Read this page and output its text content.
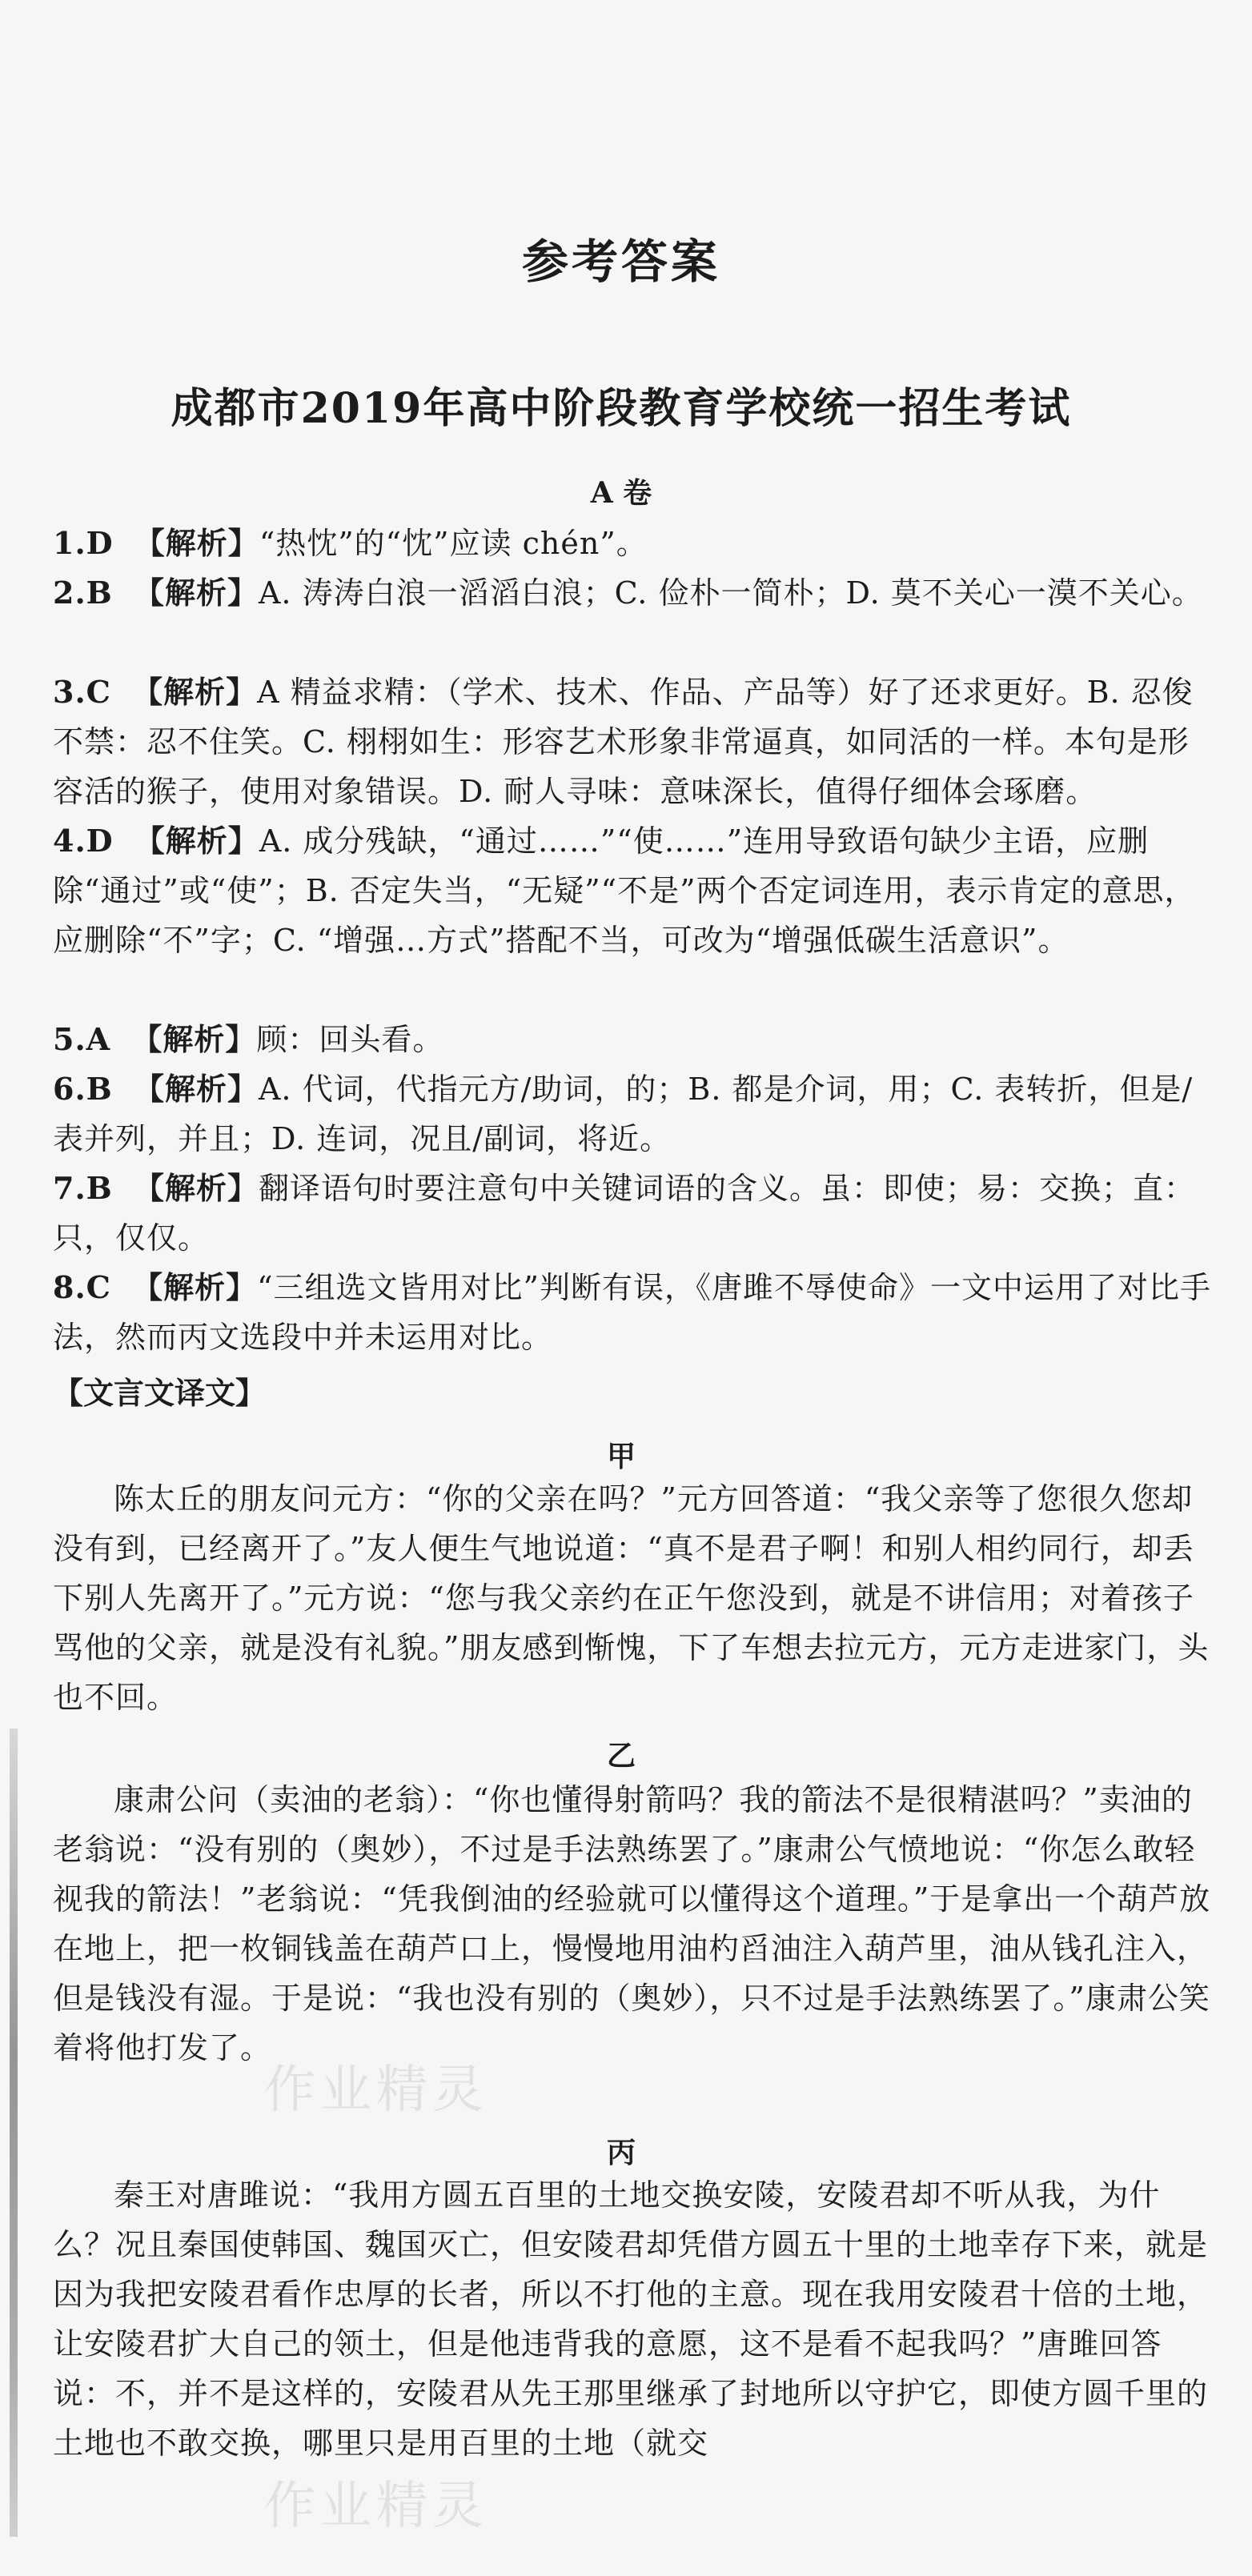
参考答案
成都市2019年高中阶段教育学校统一招生考试
A 卷
1.D 【解析】“热忱”的“忱”应读 chén”。
2.B 【解析】A. 涛涛白浪一滔滔白浪；C. 俭朴一简朴；D. 莫不关心一漠不关心。
3.C 【解析】A 精益求精：（学术、技术、作品、产品等）好了还求更好。B. 忍俊不禁：忍不住笑。C. 栩栩如生：形容艺术形象非常逼真，如同活的一样。本句是形容活的猴子，使用对象错误。D. 耐人寻味：意味深长，值得仔细体会琢磨。
4.D 【解析】A. 成分残缺，“通过……”“使……”连用导致语句缺少主语，应删除“通过”或“使”；B. 否定失当，“无疑”“不是”两个否定词连用，表示肯定的意思，应删除“不”字；C. “增强…方式”搭配不当，可改为“增强低碳生活意识”。
5.A 【解析】顾：回头看。
6.B 【解析】A. 代词，代指元方/助词，的；B. 都是介词，用；C. 表转折，但是/表并列，并且；D. 连词，况且/副词，将近。
7.B 【解析】翻译语句时要注意句中关键词语的含义。虽：即使；易：交换；直：只，仅仅。
8.C 【解析】“三组选文皆用对比”判断有误，《唐雎不辱使命》一文中运用了对比手法，然而丙文选段中并未运用对比。
【文言文译文】
甲
陈太丘的朋友问元方：“你的父亲在吗？”元方回答道：“我父亲等了您很久您却没有到，已经离开了。”友人便生气地说道：“真不是君子啊！和别人相约同行，却丢下别人先离开了。”元方说：“您与我父亲约在正午您没到，就是不讲信用；对着孩子骂他的父亲，就是没有礼貌。”朋友感到惭愧，下了车想去拉元方，元方走进家门，头也不回。
乙
康肃公问（卖油的老翁）：“你也懂得射箭吗？我的箭法不是很精湛吗？”卖油的老翁说：“没有别的（奥妙），不过是手法熟练罢了。”康肃公气愤地说：“你怎么敢轻视我的箭法！”老翁说：“凭我倒油的经验就可以懂得这个道理。”于是拿出一个葫芦放在地上，把一枚铜钱盖在葫芦口上，慢慢地用油杓舀油注入葫芦里，油从钱孔注入，但是钱没有湿。于是说：“我也没有别的（奥妙），只不过是手法熟练罢了。”康肃公笑着将他打发了。
丙
秦王对唐雎说：“我用方圆五百里的土地交换安陵，安陵君却不听从我，为什么？况且秦国使韩国、魏国灭亡，但安陵君却凭借方圆五十里的土地幸存下来，就是因为我把安陵君看作忠厚的长者，所以不打他的主意。现在我用安陵君十倍的土地，让安陵君扩大自己的领土，但是他违背我的意愿，这不是看不起我吗？”唐雎回答说：不，并不是这样的，安陵君从先王那里继承了封地所以守护它，即使方圆千里的土地也不敢交换，哪里只是用百里的土地（就交
作业精灵
作业精灵
